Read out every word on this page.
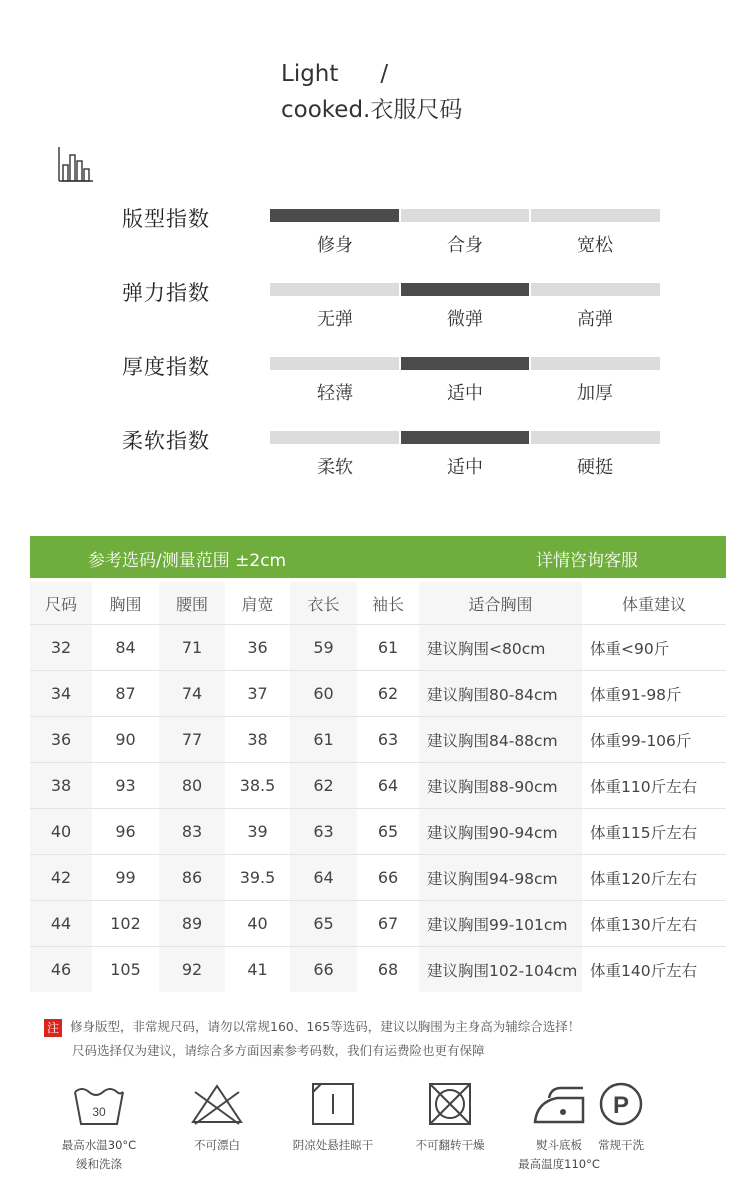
Light /
cooked.衣服尺码
版型指数
修身	合身	宽松
弹力指数
无弹	微弹	高弹
厚度指数
轻薄	适中	加厚
柔软指数
柔软	适中	硬挺
参考选码/测量范围 ±2cm	详情咨询客服
尺码	胸围	腰围	肩宽	衣长	袖长	适合胸围	体重建议
32	84	71	36	59	61	建议胸围<80cm	体重<90斤
34	87	74	37	60	62	建议胸围80-84cm	体重91-98斤
36	90	77	38	61	63	建议胸围84-88cm	体重99-106斤
38	93	80	38.5	62	64	建议胸围88-90cm	体重110斤左右
40	96	83	39	63	65	建议胸围90-94cm	体重115斤左右
42	99	86	39.5	64	66	建议胸围94-98cm	体重120斤左右
44	102	89	40	65	67	建议胸围99-101cm	体重130斤左右
46	105	92	41	66	68	建议胸围102-104cm	体重140斤左右
注 修身版型，非常规尺码，请勿以常规160、165等选码，建议以胸围为主身高为辅综合选择！
尺码选择仅为建议，请综合多方面因素参考码数，我们有运费险也更有保障
30
最高水温30°C
缓和洗涤
不可漂白	阴凉处悬挂晾干	不可翻转干燥	熨斗底板
最高温度110°C
P
常规干洗
